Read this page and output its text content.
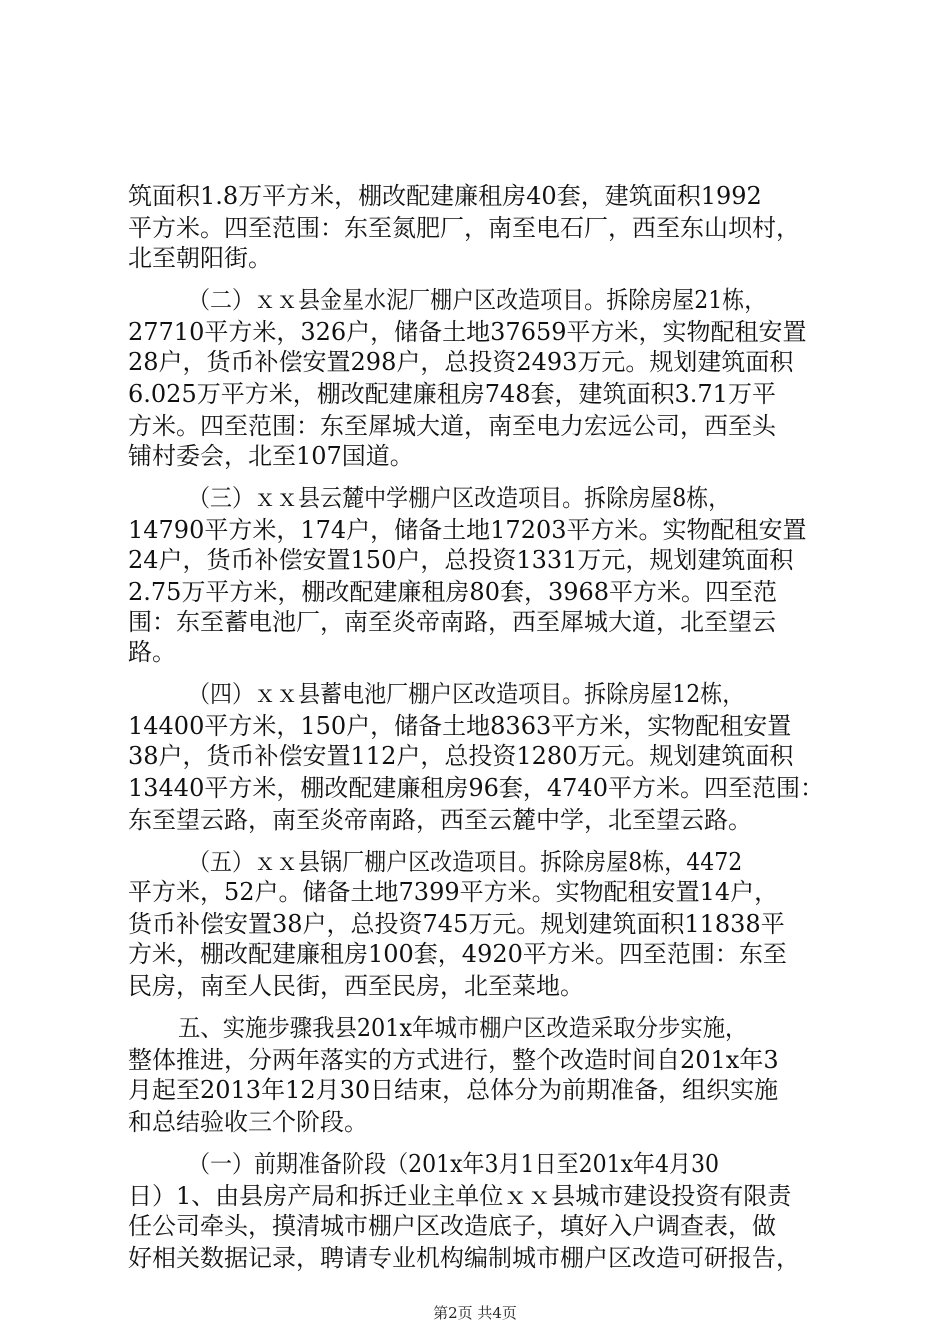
筑面积1.8万平方米，棚改配建廉租房40套，建筑面积1992
平方米。四至范围：东至氮肥厂，南至电石厂，西至东山坝村，
北至朝阳街。
（二）ｘｘ县金星水泥厂棚户区改造项目。拆除房屋21栋，
27710平方米，326户，储备土地37659平方米，实物配租安置
28户，货币补偿安置298户，总投资2493万元。规划建筑面积
6.025万平方米，棚改配建廉租房748套，建筑面积3.71万平
方米。四至范围：东至犀城大道，南至电力宏远公司，西至头
铺村委会，北至107国道。
（三）ｘｘ县云麓中学棚户区改造项目。拆除房屋8栋，
14790平方米，174户，储备土地17203平方米。实物配租安置
24户，货币补偿安置150户，总投资1331万元，规划建筑面积
2.75万平方米，棚改配建廉租房80套，3968平方米。四至范
围：东至蓄电池厂，南至炎帝南路，西至犀城大道，北至望云
路。
（四）ｘｘ县蓄电池厂棚户区改造项目。拆除房屋12栋，
14400平方米，150户，储备土地8363平方米，实物配租安置
38户，货币补偿安置112户，总投资1280万元。规划建筑面积
13440平方米，棚改配建廉租房96套，4740平方米。四至范围：
东至望云路，南至炎帝南路，西至云麓中学，北至望云路。
（五）ｘｘ县锅厂棚户区改造项目。拆除房屋8栋，4472
平方米，52户。储备土地7399平方米。实物配租安置14户，
货币补偿安置38户，总投资745万元。规划建筑面积11838平
方米，棚改配建廉租房100套，4920平方米。四至范围：东至
民房，南至人民街，西至民房，北至菜地。
五、实施步骤我县201x年城市棚户区改造采取分步实施，
整体推进，分两年落实的方式进行，整个改造时间自201x年3
月起至2013年12月30日结束，总体分为前期准备，组织实施
和总结验收三个阶段。
（一）前期准备阶段（201x年3月1日至201x年4月30
日）1、由县房产局和拆迁业主单位ｘｘ县城市建设投资有限责
任公司牵头，摸清城市棚户区改造底子，填好入户调查表，做
好相关数据记录，聘请专业机构编制城市棚户区改造可研报告，
第2页 共4页
